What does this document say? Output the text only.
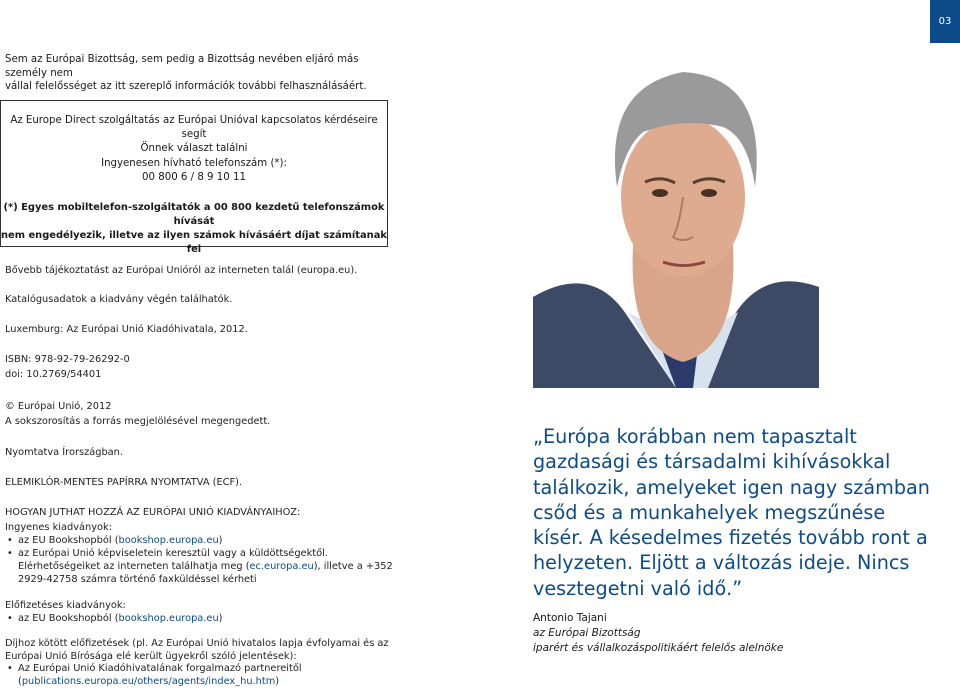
03
Sem az Európai Bizottság, sem pedig a Bizottság nevében eljáró más személy nem
vállal felelősséget az itt szereplő információk további felhasználásáért.
Az Europe Direct szolgáltatás az Európai Unióval kapcsolatos kérdéseire segít
Önnek választ találni
Ingyenesen hívható telefonszám (*):
00 800 6 / 8 9 10 11
(*) Egyes mobiltelefon-szolgáltatók a 00 800 kezdetű telefonszámok hívását
nem engedélyezik, illetve az ilyen számok hívásáért díjat számítanak fel
Bővebb tájékoztatást az Európai Unióról az interneten talál (europa.eu).
Katalógusadatok a kiadvány végén találhatók.
Luxemburg: Az Európai Unió Kiadóhivatala, 2012.
ISBN: 978-92-79-26292-0
doi: 10.2769/54401
© Európai Unió, 2012
A sokszorosítás a forrás megjelölésével megengedett.
Nyomtatva Írországban.
ELEMIKLÓR-MENTES PAPÍRRA NYOMTATVA (ECF).
HOGYAN JUTHAT HOZZÁ AZ EURÓPAI UNIÓ KIADVÁNYAIHOZ:
Ingyenes kiadványok:
• az EU Bookshopból (bookshop.europa.eu)
• az Európai Unió képviseletein keresztül vagy a küldöttségektől.
Elérhetőségeiket az interneten találhatja meg (ec.europa.eu), illetve a +352
2929-42758 számra történő faxküldéssel kérheti
Előfizetéses kiadványok:
• az EU Bookshopból (bookshop.europa.eu)
Díjhoz kötött előfizetések (pl. Az Európai Unió hivatalos lapja évfolyamai és az
Európai Unió Bírósága elé került ügyekről szóló jelentések):
• Az Európai Unió Kiadóhivatalának forgalmazó partnereitől
(publications.europa.eu/others/agents/index_hu.htm)
„Európa korábban nem tapasztalt
gazdasági és társadalmi kihívásokkal
találkozik, amelyeket igen nagy számban
csőd és a munkahelyek megszűnése
kísér. A késedelmes fizetés tovább ront a
helyzeten. Eljött a változás ideje. Nincs
vesztegetni való idő.”
Antonio Tajani
az Európai Bizottság
iparért és vállalkozáspolitikáért felelős alelnöke
